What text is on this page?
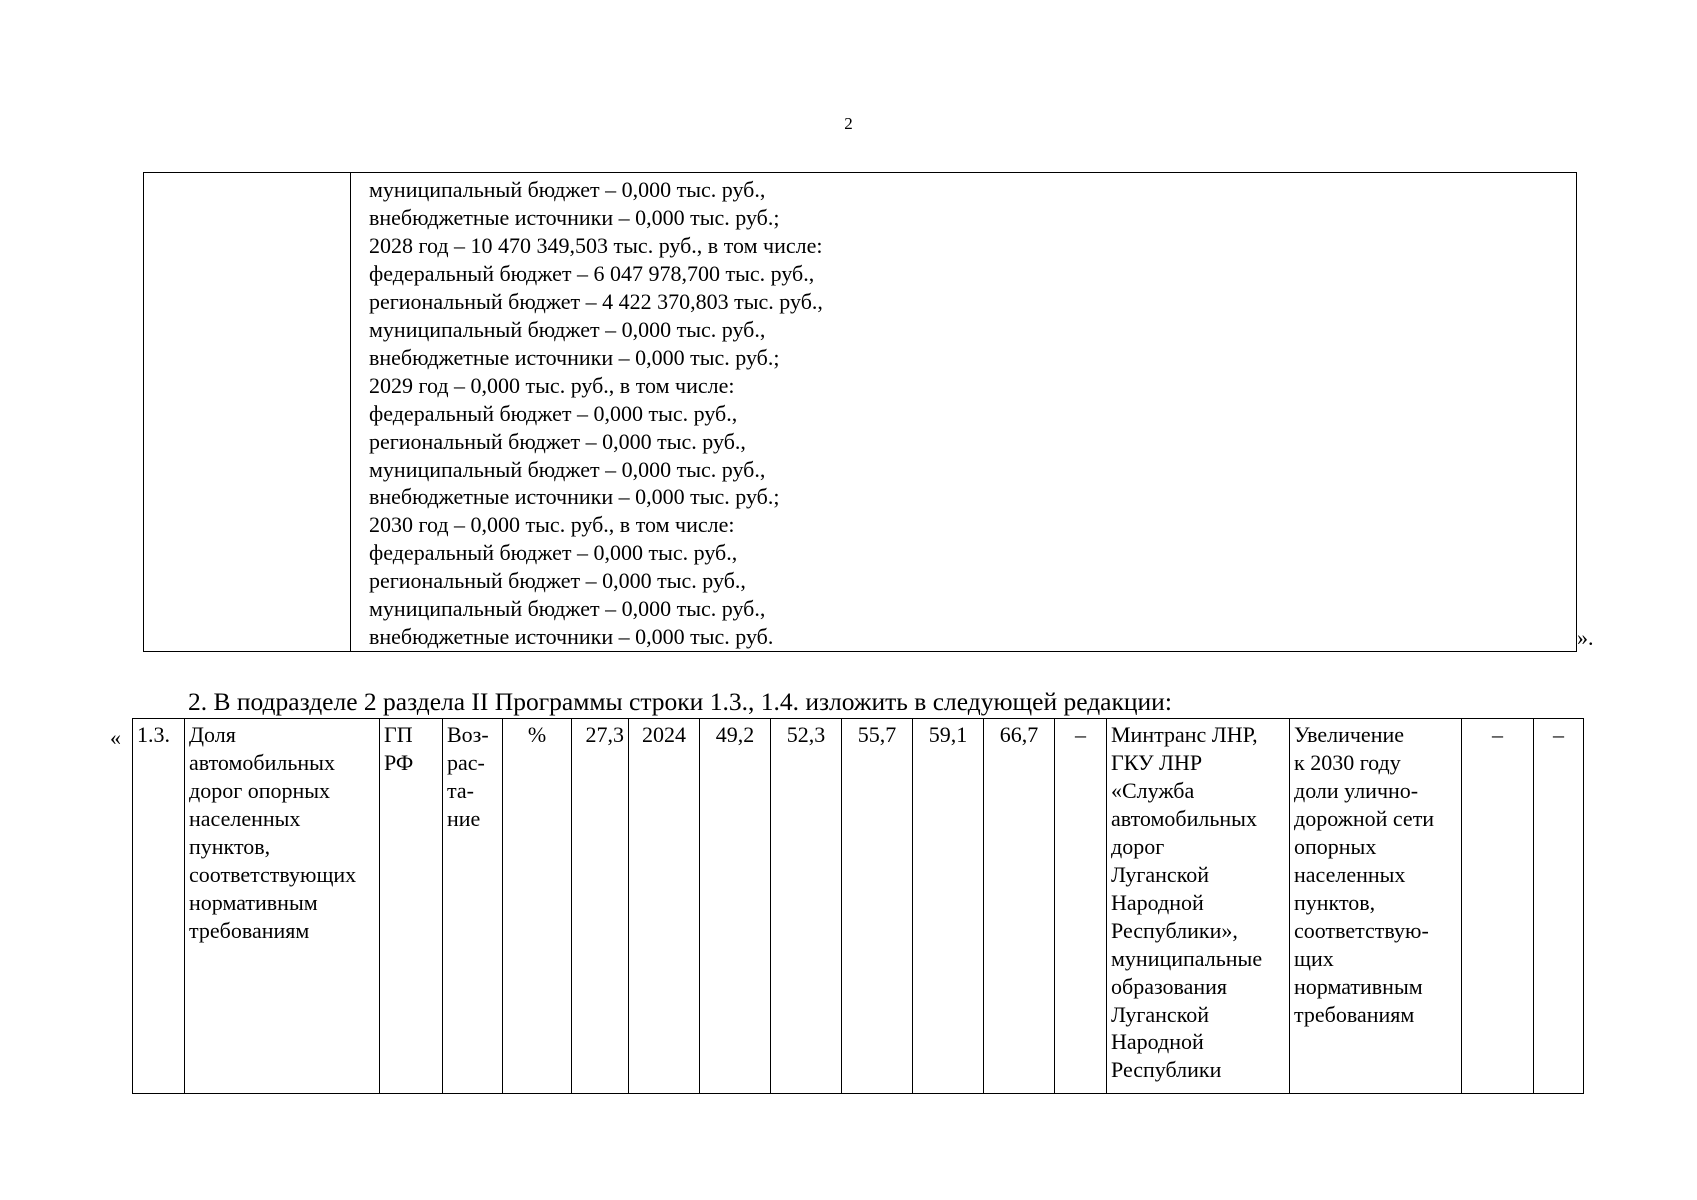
2
муниципальный бюджет – 0,000 тыс. руб.,
внебюджетные источники – 0,000 тыс. руб.;
2028 год – 10 470 349,503 тыс. руб., в том числе:
федеральный бюджет – 6 047 978,700 тыс. руб.,
региональный бюджет – 4 422 370,803 тыс. руб.,
муниципальный бюджет – 0,000 тыс. руб.,
внебюджетные источники – 0,000 тыс. руб.;
2029 год – 0,000 тыс. руб., в том числе:
федеральный бюджет – 0,000 тыс. руб.,
региональный бюджет – 0,000 тыс. руб.,
муниципальный бюджет – 0,000 тыс. руб.,
внебюджетные источники – 0,000 тыс. руб.;
2030 год – 0,000 тыс. руб., в том числе:
федеральный бюджет – 0,000 тыс. руб.,
региональный бюджет – 0,000 тыс. руб.,
муниципальный бюджет – 0,000 тыс. руб.,
внебюджетные источники – 0,000 тыс. руб.	».
2. В подразделе 2 раздела II Программы строки 1.3., 1.4. изложить в следующей редакции:
« 1.3.	Доля
автомобильных
дорог опорных
населенных
пунктов,
соответствующих
нормативным
требованиям	ГП
РФ	Воз-
рас-
та-
ние	%	27,3	2024	49,2	52,3	55,7	59,1	66,7	–	Минтранс ЛНР,
ГКУ ЛНР
«Служба
автомобильных
дорог
Луганской
Народной
Республики»,
муниципальные
образования
Луганской
Народной
Республики	Увеличение
к 2030 году
доли улично-
дорожной сети
опорных
населенных
пунктов,
соответствую-
щих
нормативным
требованиям	–	–
